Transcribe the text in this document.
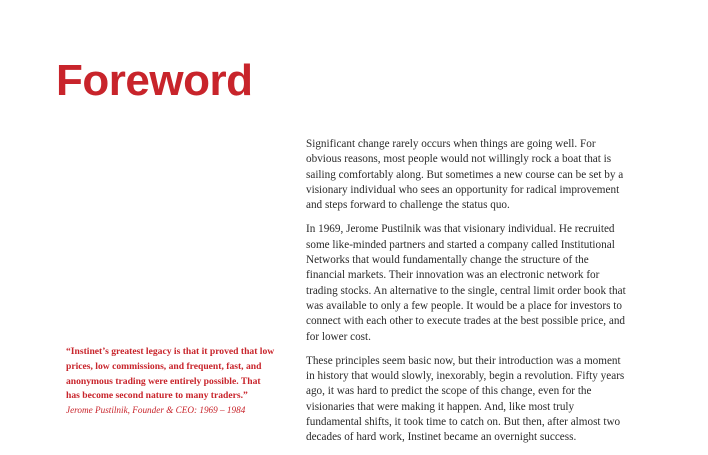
Foreword

Significant change rarely occurs when things are going well. For obvious reasons, most people would not willingly rock a boat that is sailing comfortably along. But sometimes a new course can be set by a visionary individual who sees an opportunity for radical improvement and steps forward to challenge the status quo.

In 1969, Jerome Pustilnik was that visionary individual. He recruited some like-minded partners and started a company called Institutional Networks that would fundamentally change the structure of the financial markets. Their innovation was an electronic network for trading stocks. An alternative to the single, central limit order book that was available to only a few people. It would be a place for investors to connect with each other to execute trades at the best possible price, and for lower cost.

These principles seem basic now, but their introduction was a moment in history that would slowly, inexorably, begin a revolution. Fifty years ago, it was hard to predict the scope of this change, even for the visionaries that were making it happen. And, like most truly fundamental shifts, it took time to catch on. But then, after almost two decades of hard work, Instinet became an overnight success.

“Instinet’s greatest legacy is that it proved that low prices, low commissions, and frequent, fast, and anonymous trading were entirely possible. That has become second nature to many traders.”

Jerome Pustilnik, Founder & CEO: 1969 – 1984
